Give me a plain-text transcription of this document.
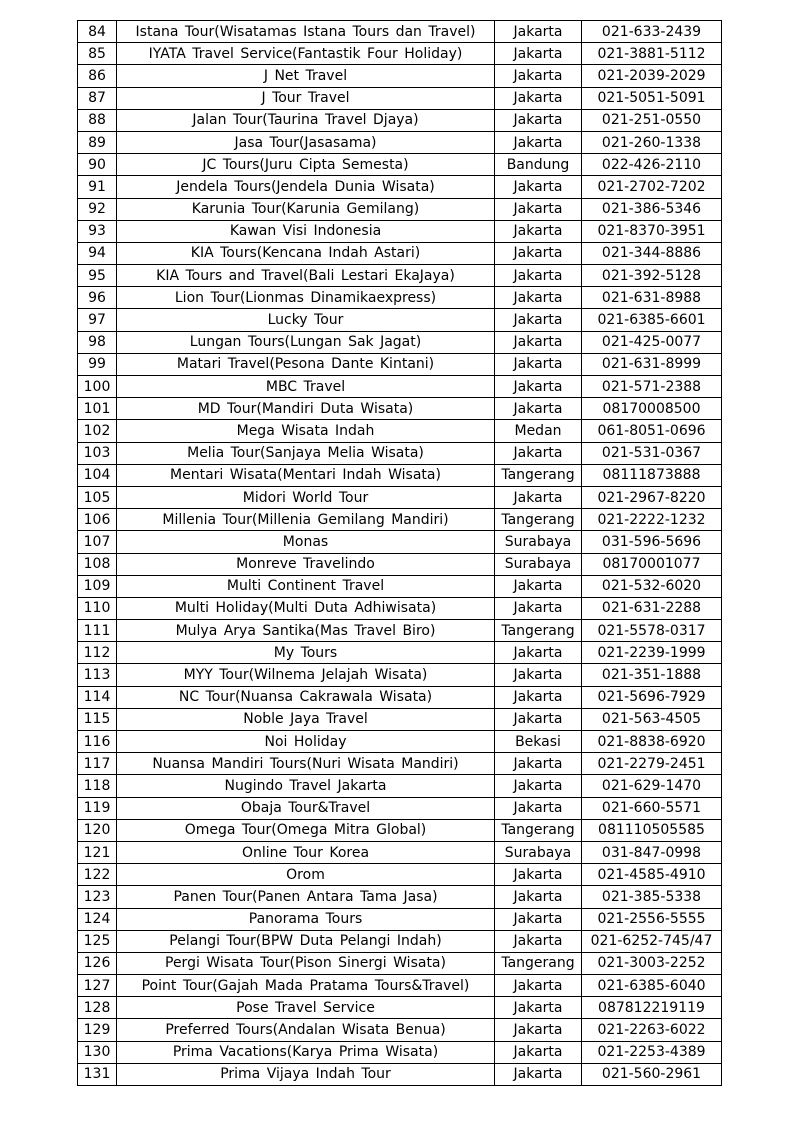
84	Istana Tour(Wisatamas Istana Tours dan Travel)	Jakarta	021-633-2439
85	IYATA Travel Service(Fantastik Four Holiday)	Jakarta	021-3881-5112
86	J Net Travel	Jakarta	021-2039-2029
87	J Tour Travel	Jakarta	021-5051-5091
88	Jalan Tour(Taurina Travel Djaya)	Jakarta	021-251-0550
89	Jasa Tour(Jasasama)	Jakarta	021-260-1338
90	JC Tours(Juru Cipta Semesta)	Bandung	022-426-2110
91	Jendela Tours(Jendela Dunia Wisata)	Jakarta	021-2702-7202
92	Karunia Tour(Karunia Gemilang)	Jakarta	021-386-5346
93	Kawan Visi Indonesia	Jakarta	021-8370-3951
94	KIA Tours(Kencana Indah Astari)	Jakarta	021-344-8886
95	KIA Tours and Travel(Bali Lestari EkaJaya)	Jakarta	021-392-5128
96	Lion Tour(Lionmas Dinamikaexpress)	Jakarta	021-631-8988
97	Lucky Tour	Jakarta	021-6385-6601
98	Lungan Tours(Lungan Sak Jagat)	Jakarta	021-425-0077
99	Matari Travel(Pesona Dante Kintani)	Jakarta	021-631-8999
100	MBC Travel	Jakarta	021-571-2388
101	MD Tour(Mandiri Duta Wisata)	Jakarta	08170008500
102	Mega Wisata Indah	Medan	061-8051-0696
103	Melia Tour(Sanjaya Melia Wisata)	Jakarta	021-531-0367
104	Mentari Wisata(Mentari Indah Wisata)	Tangerang	08111873888
105	Midori World Tour	Jakarta	021-2967-8220
106	Millenia Tour(Millenia Gemilang Mandiri)	Tangerang	021-2222-1232
107	Monas	Surabaya	031-596-5696
108	Monreve Travelindo	Surabaya	08170001077
109	Multi Continent Travel	Jakarta	021-532-6020
110	Multi Holiday(Multi Duta Adhiwisata)	Jakarta	021-631-2288
111	Mulya Arya Santika(Mas Travel Biro)	Tangerang	021-5578-0317
112	My Tours	Jakarta	021-2239-1999
113	MYY Tour(Wilnema Jelajah Wisata)	Jakarta	021-351-1888
114	NC Tour(Nuansa Cakrawala Wisata)	Jakarta	021-5696-7929
115	Noble Jaya Travel	Jakarta	021-563-4505
116	Noi Holiday	Bekasi	021-8838-6920
117	Nuansa Mandiri Tours(Nuri Wisata Mandiri)	Jakarta	021-2279-2451
118	Nugindo Travel Jakarta	Jakarta	021-629-1470
119	Obaja Tour&Travel	Jakarta	021-660-5571
120	Omega Tour(Omega Mitra Global)	Tangerang	081110505585
121	Online Tour Korea	Surabaya	031-847-0998
122	Orom	Jakarta	021-4585-4910
123	Panen Tour(Panen Antara Tama Jasa)	Jakarta	021-385-5338
124	Panorama Tours	Jakarta	021-2556-5555
125	Pelangi Tour(BPW Duta Pelangi Indah)	Jakarta	021-6252-745/47
126	Pergi Wisata Tour(Pison Sinergi Wisata)	Tangerang	021-3003-2252
127	Point Tour(Gajah Mada Pratama Tours&Travel)	Jakarta	021-6385-6040
128	Pose Travel Service	Jakarta	087812219119
129	Preferred Tours(Andalan Wisata Benua)	Jakarta	021-2263-6022
130	Prima Vacations(Karya Prima Wisata)	Jakarta	021-2253-4389
131	Prima Vijaya Indah Tour	Jakarta	021-560-2961
